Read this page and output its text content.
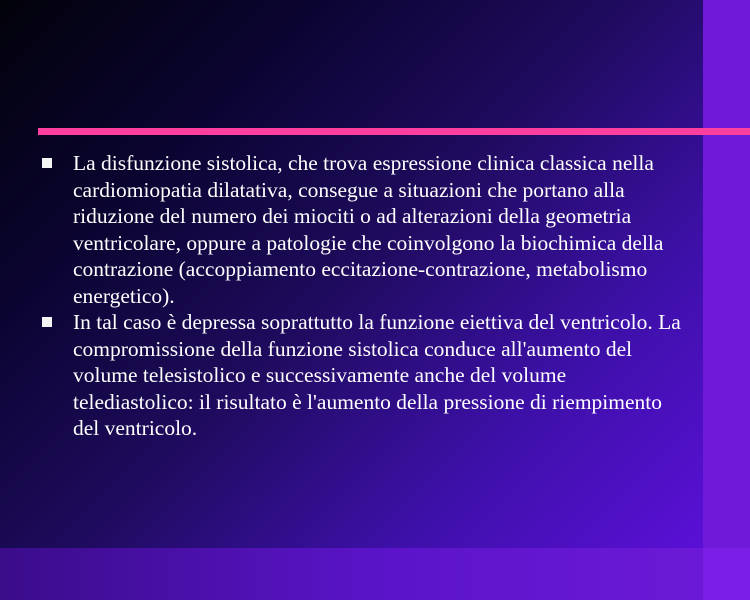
La disfunzione sistolica, che trova espressione clinica classica nella cardiomiopatia dilatativa, consegue a situazioni che portano alla riduzione del numero dei miociti o ad alterazioni della geometria ventricolare, oppure a patologie che coinvolgono la biochimica della contrazione (accoppiamento eccitazione-contrazione, metabolismo energetico).
In tal caso è depressa soprattutto la funzione eiettiva del ventricolo. La compromissione della funzione sistolica conduce all'aumento del volume telesistolico e successivamente anche del volume telediastolico: il risultato è l'aumento della pressione di riempimento del ventricolo.
